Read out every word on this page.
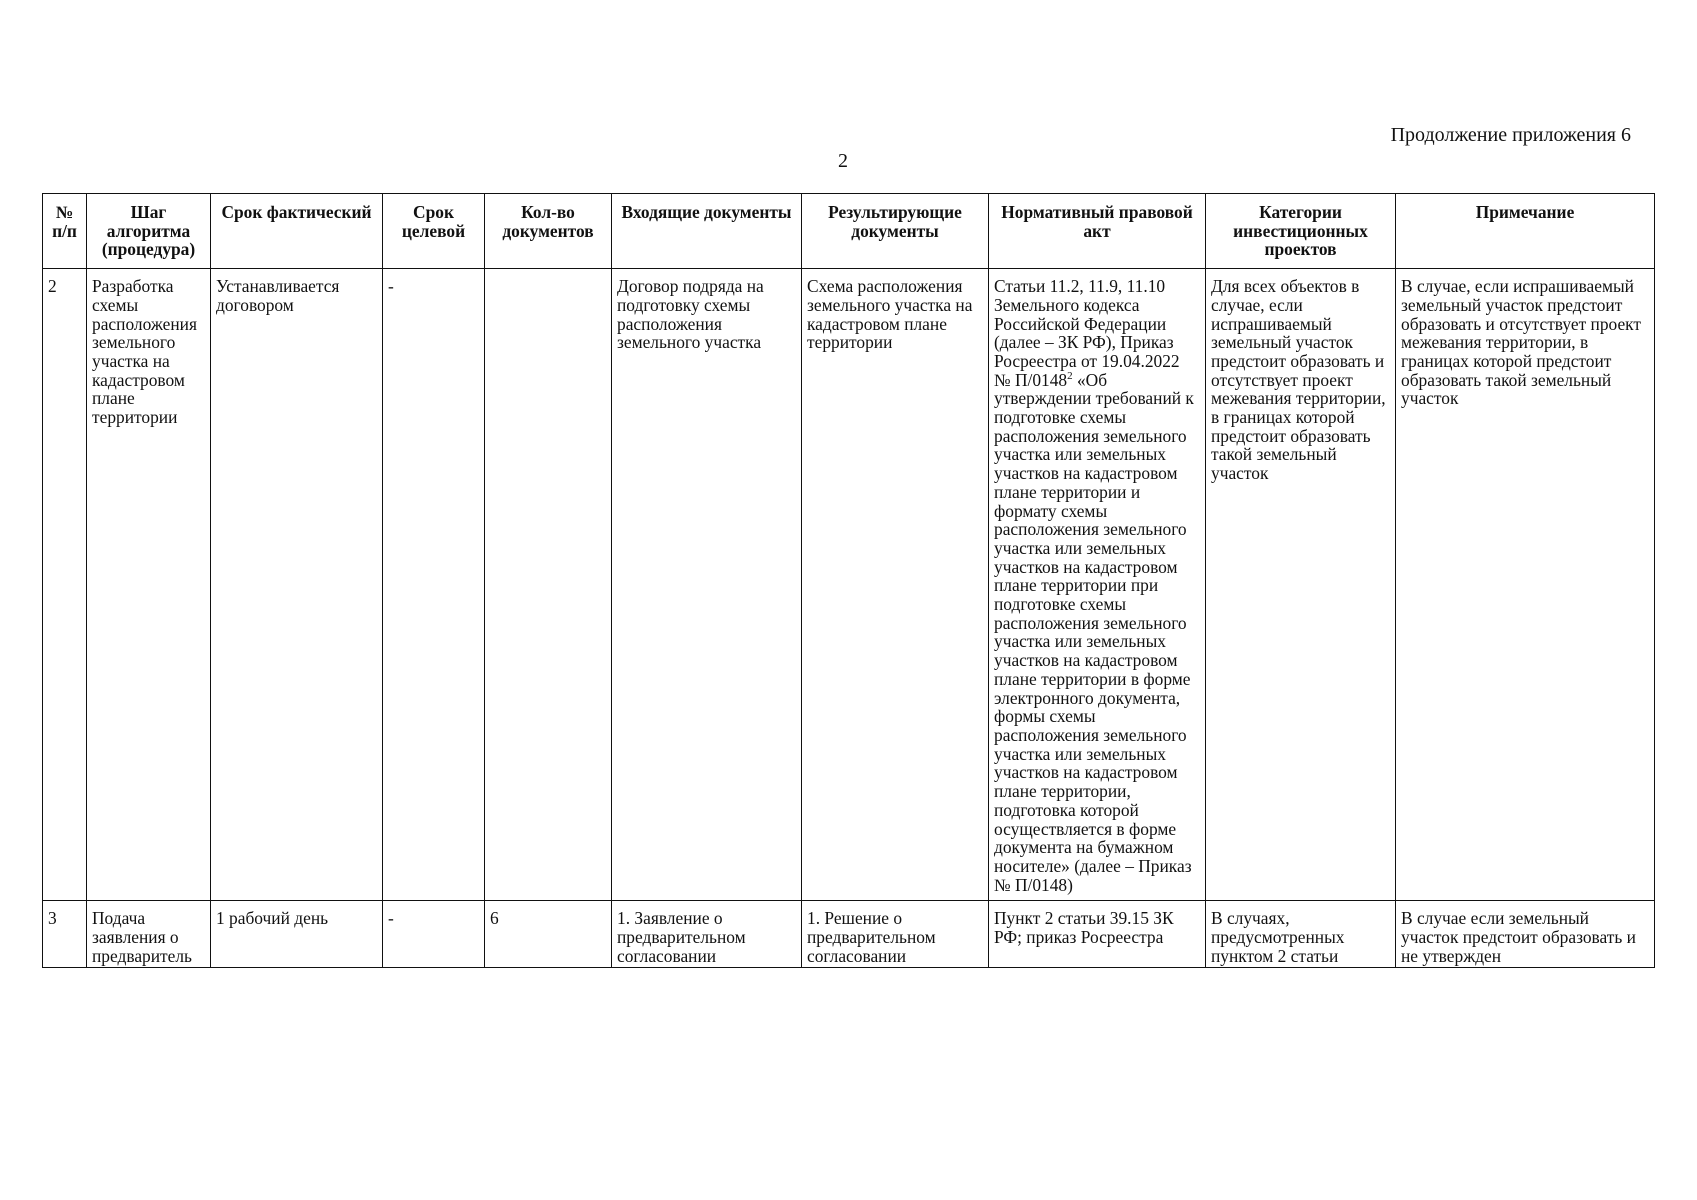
Продолжение приложения 6
2
№ п/п	Шаг алгоритма (процедура)	Срок фактический	Срок целевой	Кол-во документов	Входящие документы	Результирующие документы	Нормативный правовой акт	Категории инвестиционных проектов	Примечание
2	Разработка схемы расположения земельного участка на кадастровом плане территории	Устанавливается договором	-		Договор подряда на подготовку схемы расположения земельного участка	Схема расположения земельного участка на кадастровом плане территории	Статьи 11.2, 11.9, 11.10 Земельного кодекса Российской Федерации (далее – ЗК РФ), Приказ Росреестра от 19.04.2022 № П/0148$^2$ «Об утверждении требований к подготовке схемы расположения земельного участка или земельных участков на кадастровом плане территории и формату схемы расположения земельного участка или земельных участков на кадастровом плане территории при подготовке схемы расположения земельного участка или земельных участков на кадастровом плане территории в форме электронного документа, формы схемы расположения земельного участка или земельных участков на кадастровом плане территории, подготовка которой осуществляется в форме документа на бумажном носителе» (далее – Приказ № П/0148)	Для всех объектов в случае, если испрашиваемый земельный участок предстоит образовать и отсутствует проект межевания территории, в границах которой предстоит образовать такой земельный участок	В случае, если испрашиваемый земельный участок предстоит образовать и отсутствует проект межевания территории, в границах которой предстоит образовать такой земельный участок
3	Подача заявления о предваритель	1 рабочий день	-	6	1. Заявление о предварительном согласовании	1. Решение о предварительном согласовании	Пункт 2 статьи 39.15 ЗК РФ; приказ Росреестра	В случаях, предусмотренных пунктом 2 статьи	В случае если земельный участок предстоит образовать и не утвержден
